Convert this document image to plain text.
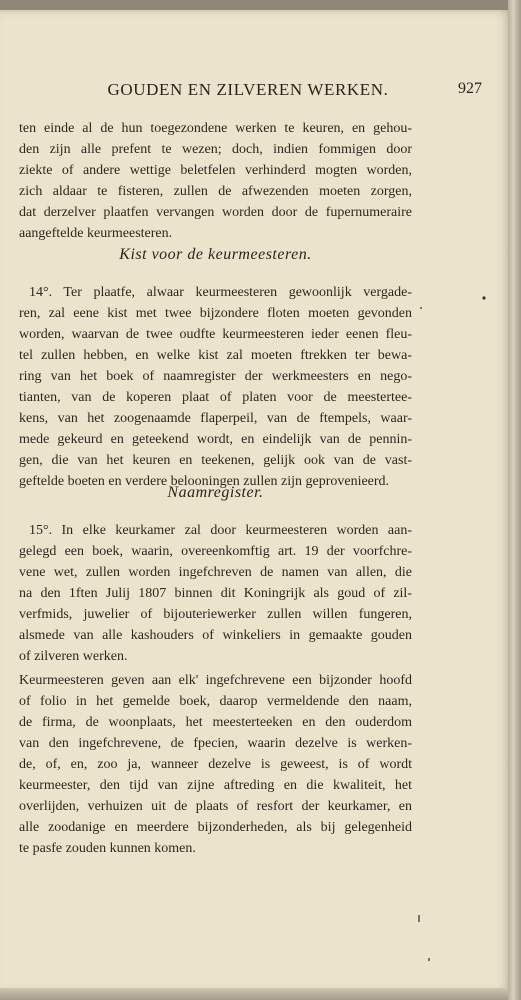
GOUDEN EN ZILVEREN WERKEN.	927
ten einde al de hun toegezondene werken te keuren, en gehou-
den zijn alle prefent te wezen; doch, indien fommigen door
ziekte of andere wettige beletfelen verhinderd mogten worden,
zich aldaar te fisteren, zullen de afwezenden moeten zorgen,
dat derzelver plaatfen vervangen worden door de fupernumeraire
aangeftelde keurmeesteren.
Kist voor de keurmeesteren.
14°. Ter plaatfe, alwaar keurmeesteren gewoonlijk vergade-
ren, zal eene kist met twee bijzondere floten moeten gevonden
worden, waarvan de twee oudfte keurmeesteren ieder eenen fleu-
tel zullen hebben, en welke kist zal moeten ftrekken ter bewa-
ring van het boek of naamregister der werkmeesters en nego-
tianten, van de koperen plaat of platen voor de meestertee-
kens, van het zoogenaamde flaperpeil, van de ftempels, waar-
mede gekeurd en geteekend wordt, en eindelijk van de pennin-
gen, die van het keuren en teekenen, gelijk ook van de vast-
geftelde boeten en verdere belooningen zullen zijn geprovenieerd.
Naamregister.
15°. In elke keurkamer zal door keurmeesteren worden aan-
gelegd een boek, waarin, overeenkomftig art. 19 der voorfchre-
vene wet, zullen worden ingefchreven de namen van allen, die
na den 1ften Julij 1807 binnen dit Koningrijk als goud of zil-
verfmids, juwelier of bijouteriewerker zullen willen fungeren,
alsmede van alle kashouders of winkeliers in gemaakte gouden
of zilveren werken.
Keurmeesteren geven aan elk' ingefchrevene een bijzonder hoofd
of folio in het gemelde boek, daarop vermeldende den naam,
de firma, de woonplaats, het meesterteeken en den ouderdom
van den ingefchrevene, de fpecien, waarin dezelve is werken-
de, of, en, zoo ja, wanneer dezelve is geweest, is of wordt
keurmeester, den tijd van zijne aftreding en die kwaliteit, het
overlijden, verhuizen uit de plaats of resfort der keurkamer, en
alle zoodanige en meerdere bijzonderheden, als bij gelegenheid
te pasfe zouden kunnen komen.
